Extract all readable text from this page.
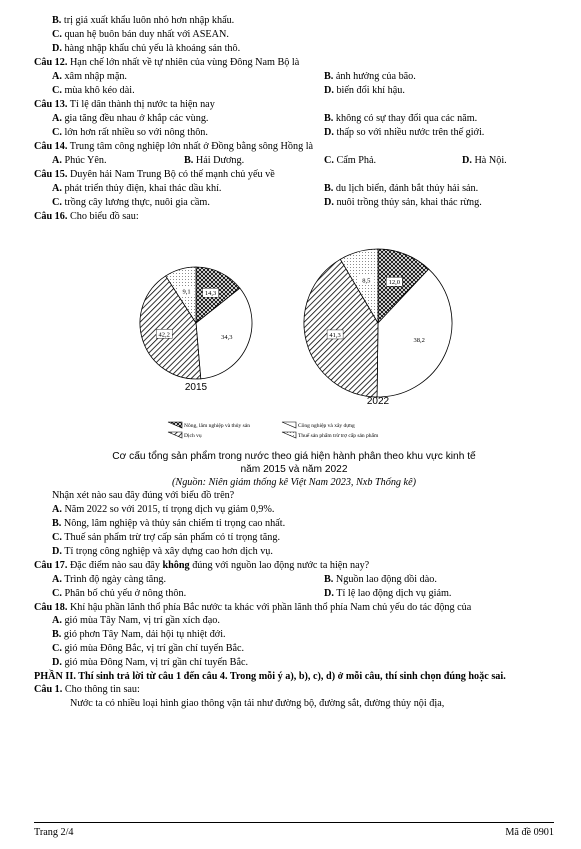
B. trị giá xuất khẩu luôn nhỏ hơn nhập khẩu.
C. quan hệ buôn bán duy nhất với ASEAN.
D. hàng nhập khẩu chủ yếu là khoáng sản thô.
Câu 12. Hạn chế lớn nhất về tự nhiên của vùng Đông Nam Bộ là
A. xâm nhập mặn.	B. ảnh hưởng của bão.
C. mùa khô kéo dài.	D. biến đổi khí hậu.
Câu 13. Tỉ lệ dân thành thị nước ta hiện nay
A. gia tăng đều nhau ở khắp các vùng.	B. không có sự thay đổi qua các năm.
C. lớn hơn rất nhiều so với nông thôn.	D. thấp so với nhiều nước trên thế giới.
Câu 14. Trung tâm công nghiệp lớn nhất ở Đồng bằng sông Hồng là
A. Phúc Yên.	B. Hải Dương.	C. Cẩm Phả.	D. Hà Nội.
Câu 15. Duyên hải Nam Trung Bộ có thế mạnh chủ yếu về
A. phát triển thủy điện, khai thác dầu khí.	B. du lịch biển, đánh bắt thủy hải sản.
C. trồng cây lương thực, nuôi gia cầm.	D. nuôi trồng thủy sản, khai thác rừng.
Câu 16. Cho biểu đồ sau:
14,3
34,3
42,2
9,1
12,0
38,2
41,3
8,5
2015
2022
Nông, lâm nghiệp và thủy sản	Công nghiệp và xây dựng
Dịch vụ	Thuế sản phẩm trừ trợ cấp sản phẩm
Cơ cấu tổng sản phẩm trong nước theo giá hiện hành phân theo khu vực kinh tế
năm 2015 và năm 2022
(Nguồn: Niên giám thống kê Việt Nam 2023, Nxb Thống kê)
Nhận xét nào sau đây đúng với biểu đồ trên?
A. Năm 2022 so với 2015, tỉ trọng dịch vụ giảm 0,9%.
B. Nông, lâm nghiệp và thủy sản chiếm tỉ trọng cao nhất.
C. Thuế sản phẩm trừ trợ cấp sản phẩm có tỉ trọng tăng.
D. Tỉ trọng công nghiệp và xây dựng cao hơn dịch vụ.
Câu 17. Đặc điểm nào sau đây không đúng với nguồn lao động nước ta hiện nay?
A. Trình độ ngày càng tăng.	B. Nguồn lao động dồi dào.
C. Phân bố chủ yếu ở nông thôn.	D. Tỉ lệ lao động dịch vụ giảm.
Câu 18. Khí hậu phần lãnh thổ phía Bắc nước ta khác với phần lãnh thổ phía Nam chủ yếu do tác động của
A. gió mùa Tây Nam, vị trí gần xích đạo.
B. gió phơn Tây Nam, dải hội tụ nhiệt đới.
C. gió mùa Đông Bắc, vị trí gần chí tuyến Bắc.
D. gió mùa Đông Nam, vị trí gần chí tuyến Bắc.
PHẦN II. Thí sinh trả lời từ câu 1 đến câu 4. Trong mỗi ý a), b), c), d) ở mỗi câu, thí sinh chọn đúng hoặc sai.
Câu 1. Cho thông tin sau:
Nước ta có nhiều loại hình giao thông vận tải như đường bộ, đường sắt, đường thủy nội địa,
Trang 2/4	Mã đề 0901
